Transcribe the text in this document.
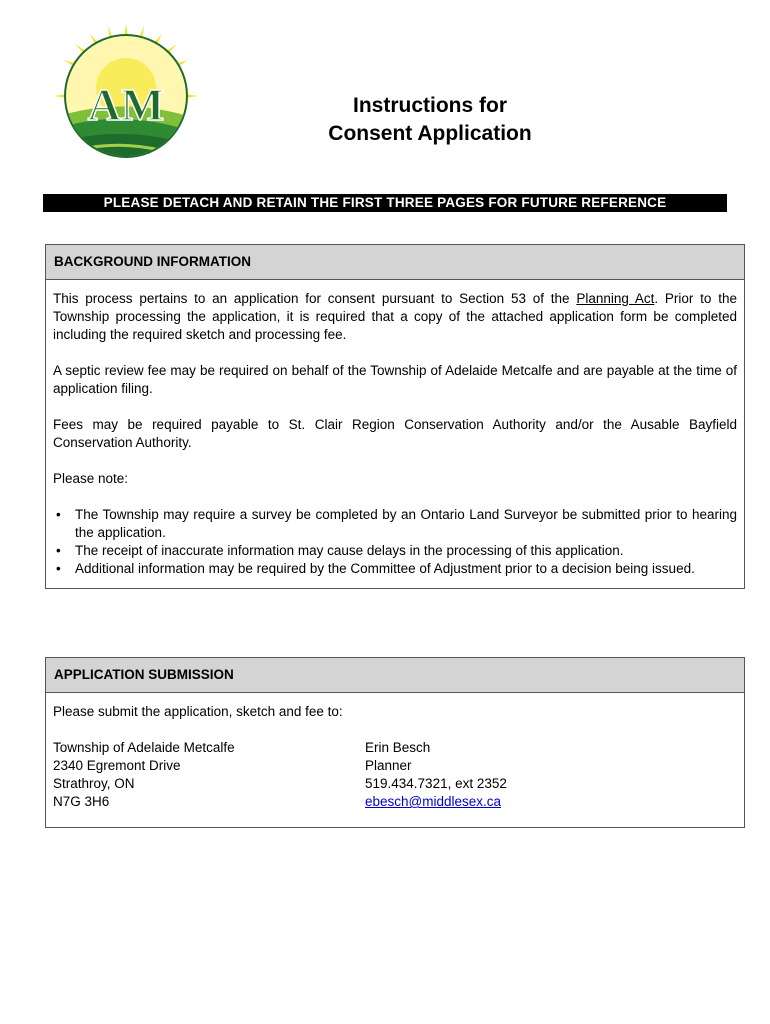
AM	Instructions for
Consent Application
PLEASE DETACH AND RETAIN THE FIRST THREE PAGES FOR FUTURE REFERENCE
BACKGROUND INFORMATION

This process pertains to an application for consent pursuant to Section 53 of the Planning Act. Prior to the Township processing the application, it is required that a copy of the attached application form be completed including the required sketch and processing fee.

A septic review fee may be required on behalf of the Township of Adelaide Metcalfe and are payable at the time of application filing.

Fees may be required payable to St. Clair Region Conservation Authority and/or the Ausable Bayfield Conservation Authority.

Please note:

• The Township may require a survey be completed by an Ontario Land Surveyor be submitted prior to hearing the application.
• The receipt of inaccurate information may cause delays in the processing of this application.
• Additional information may be required by the Committee of Adjustment prior to a decision being issued.
APPLICATION SUBMISSION
Please submit the application, sketch and fee to:
Township of Adelaide Metcalfe
2340 Egremont Drive
Strathroy, ON
N7G 3H6
Erin Besch
Planner
519.434.7321, ext 2352
ebesch@middlesex.ca
